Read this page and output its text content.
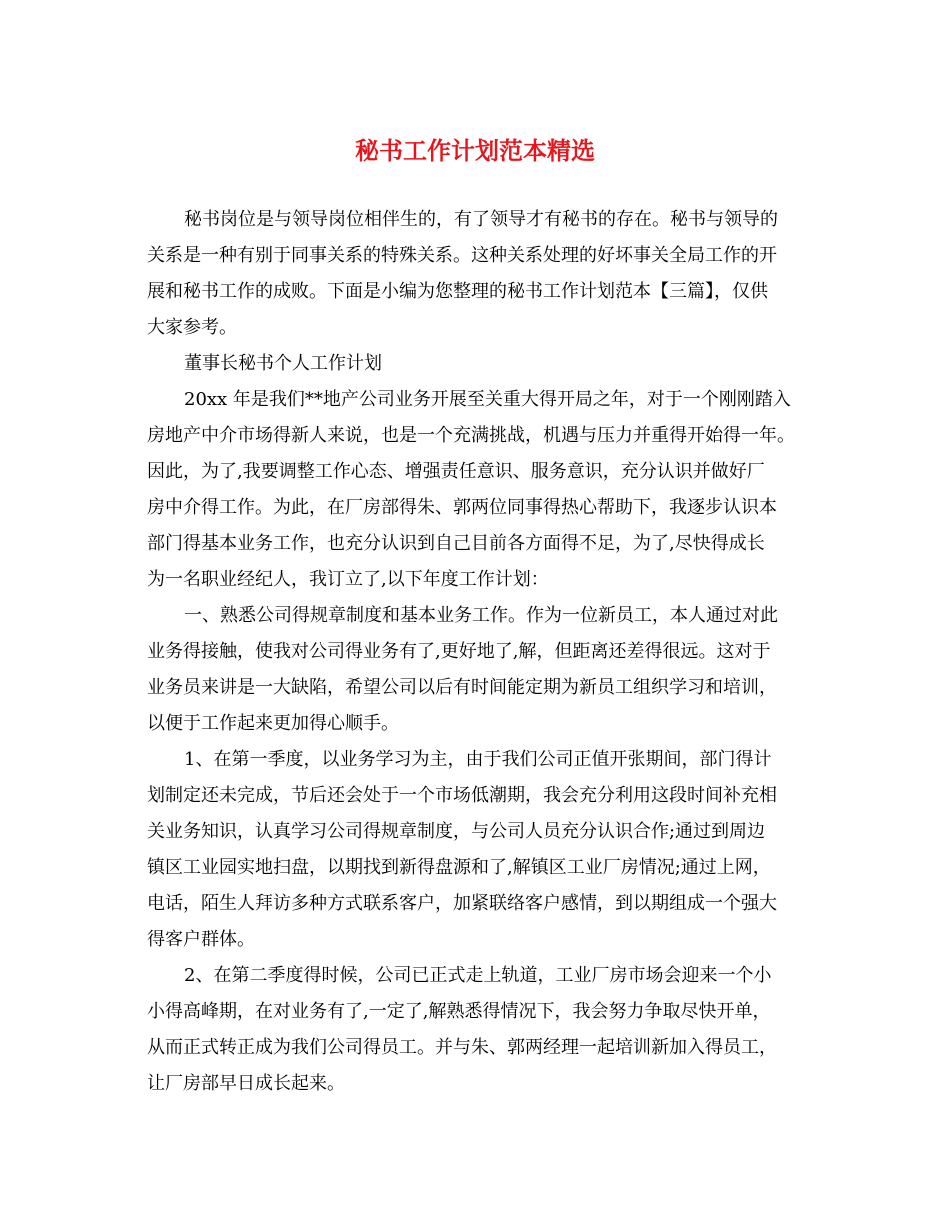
秘书工作计划范本精选

秘书岗位是与领导岗位相伴生的，有了领导才有秘书的存在。秘书与领导的

关系是一种有别于同事关系的特殊关系。这种关系处理的好坏事关全局工作的开

展和秘书工作的成败。下面是小编为您整理的秘书工作计划范本【三篇】，仅供

大家参考。

董事长秘书个人工作计划

20xx 年是我们**地产公司业务开展至关重大得开局之年，对于一个刚刚踏入

房地产中介市场得新人来说，也是一个充满挑战，机遇与压力并重得开始得一年。

因此，为了,我要调整工作心态、增强责任意识、服务意识，充分认识并做好厂

房中介得工作。为此，在厂房部得朱、郭两位同事得热心帮助下，我逐步认识本

部门得基本业务工作，也充分认识到自己目前各方面得不足，为了,尽快得成长

为一名职业经纪人，我订立了,以下年度工作计划：

一、熟悉公司得规章制度和基本业务工作。作为一位新员工，本人通过对此

业务得接触，使我对公司得业务有了,更好地了,解，但距离还差得很远。这对于

业务员来讲是一大缺陷，希望公司以后有时间能定期为新员工组织学习和培训，

以便于工作起来更加得心顺手。

1、在第一季度，以业务学习为主，由于我们公司正值开张期间，部门得计

划制定还未完成，节后还会处于一个市场低潮期，我会充分利用这段时间补充相

关业务知识，认真学习公司得规章制度，与公司人员充分认识合作;通过到周边

镇区工业园实地扫盘，以期找到新得盘源和了,解镇区工业厂房情况;通过上网，

电话，陌生人拜访多种方式联系客户，加紧联络客户感情，到以期组成一个强大

得客户群体。

2、在第二季度得时候，公司已正式走上轨道，工业厂房市场会迎来一个小

小得高峰期，在对业务有了,一定了,解熟悉得情况下，我会努力争取尽快开单，

从而正式转正成为我们公司得员工。并与朱、郭两经理一起培训新加入得员工，

让厂房部早日成长起来。
